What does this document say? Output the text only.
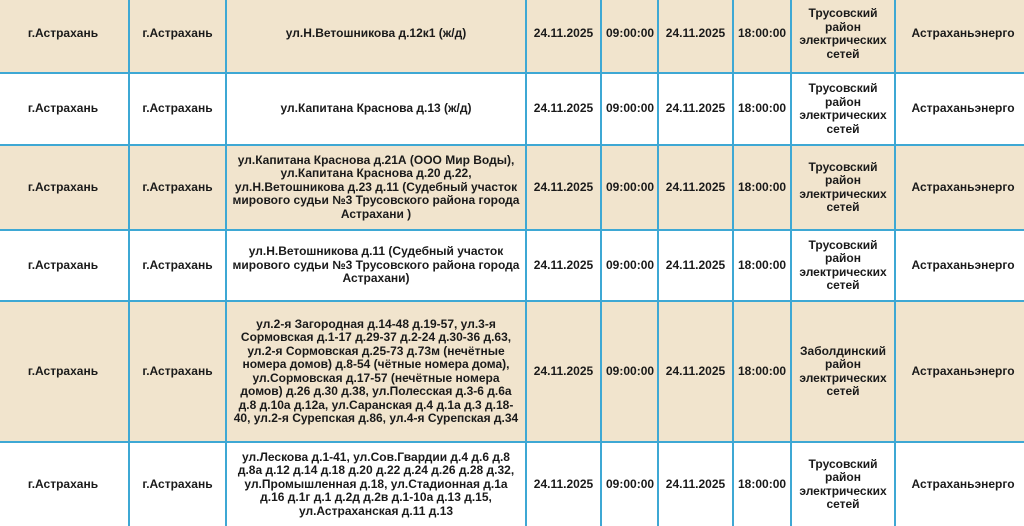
г.Астрахань	г.Астрахань	ул.Н.Ветошникова д.12к1 (ж/д)	24.11.2025	09:00:00	24.11.2025	18:00:00	Трусовский район электрических сетей	Астраханьэнерго
г.Астрахань	г.Астрахань	ул.Капитана Краснова д.13 (ж/д)	24.11.2025	09:00:00	24.11.2025	18:00:00	Трусовский район электрических сетей	Астраханьэнерго
г.Астрахань	г.Астрахань	ул.Капитана Краснова д.21А (ООО Мир Воды), ул.Капитана Краснова д.20 д.22, ул.Н.Ветошникова д.23 д.11 (Судебный участок мирового судьи №3 Трусовского района города Астрахани )	24.11.2025	09:00:00	24.11.2025	18:00:00	Трусовский район электрических сетей	Астраханьэнерго
г.Астрахань	г.Астрахань	ул.Н.Ветошникова д.11 (Судебный участок мирового судьи №3 Трусовского района города Астрахани)	24.11.2025	09:00:00	24.11.2025	18:00:00	Трусовский район электрических сетей	Астраханьэнерго
г.Астрахань	г.Астрахань	ул.2-я Загородная д.14-48 д.19-57, ул.3-я Сормовская д.1-17 д.29-37 д.2-24 д.30-36 д.63, ул.2-я Сормовская д.25-73 д.73м (нечётные номера домов) д.8-54 (чётные номера дома), ул.Сормовская д.17-57 (нечётные номера домов) д.26 д.30 д.38, ул.Полесская д.3-6 д.6а д.8 д.10а д.12а, ул.Саранская д.4 д.1а д.3 д.18-40, ул.2-я Сурепская д.86, ул.4-я Сурепская д.34	24.11.2025	09:00:00	24.11.2025	18:00:00	Заболдинский район электрических сетей	Астраханьэнерго
г.Астрахань	г.Астрахань	ул.Лескова д.1-41, ул.Сов.Гвардии д.4 д.6 д.8 д.8а д.12 д.14 д.18 д.20 д.22 д.24 д.26 д.28 д.32, ул.Промышленная д.18, ул.Стадионная д.1а д.16 д.1г д.1 д.2д д.2в д.1-10а д.13 д.15, ул.Астраханская д.11 д.13	24.11.2025	09:00:00	24.11.2025	18:00:00	Трусовский район электрических сетей	Астраханьэнерго
